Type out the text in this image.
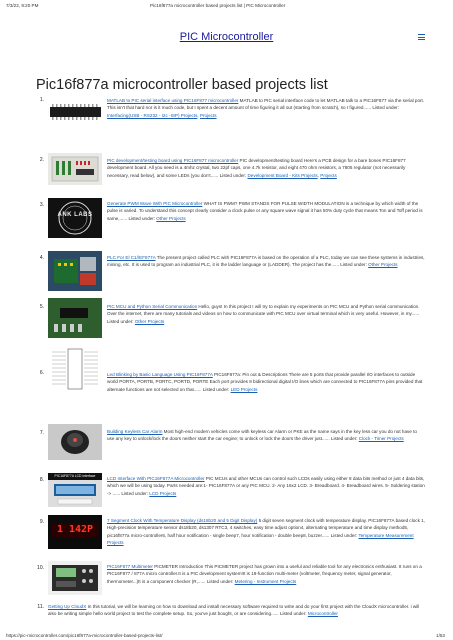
7/3/22, 9:20 PM	Pic16f877a microcontroller based projects list | PIC Microcontroller
PIC Microcontroller
Pic16f877a microcontroller based projects list
1.	MATLAB to PIC serial interface using PIC16F877 microcontroller MATLAB to PIC serial interface code to let MATLAB talk to a PIC16F877 via the serial port. This isn't that hard nor is it much code, but I spent a decent amount of time figuring it all out (starting from scratch), so I figured...... Listed under: Interfacing(USB - RS232 - I2c -ISP) Projects, Projects
2.	PIC development/testing board using PIC16F877 microcontroller PIC development/testing board Here's a PCB design for a bare bones PIC16F877 development board. All you need is a 4mhz crystal, two 22pf caps, one 4.7k resistor, and eight 470 ohm resistors, a 7805 regulator (not necessarily necessary, read below), and some LEDs (you don't...... Listed under: Development Board - Kits Projects, Projects
3.
ANK LABS
Generate PWM Wave With PIC Microcontroller WHAT IS PWM? PWM STANDS FOR PULSE WIDTH MODULATION is a technique by which width of the pulse is varied. To understand this concept clearly consider a clock pulse or any square wave signal it has 50% duty cycle that means Ton and Toff period is same,...... Listed under: Other Projects
4.	PLC For El C1//EF877A The present project called PLC with PIC16F877A is based on the operation of a PLC, today we can see these systems in industries, mining, etc. It is used to program an industrial PLC, it is the ladder language or (LADDER). The project has the...... Listed under: Other Projects
5.	PIC MCU and Python Serial Communication Hello, guys! In this project I will try to explain my experiments on PIC MCU and Python serial communication. Over the internet, there are many tutorials and videos on how to communicate with PIC MCU over virtual terminal which is very useful. However, in my...... Listed under: Other Projects
6.	Led Blinking by Basic Language Using PIC16F877A PIC16F877a: Pin out & Descriptions There are 5 ports that provide parallel I/O interfaces to outside world PORTA, PORTB, PORTC, PORTD, PORTE Each port provides 8 bidirectional digital I/O lines which are connected to PIC16F877A pins provided that alternate functions are not selected on that...... Listed under: LED Projects
7.	Building Keyless Car Alarm Most high-end modern vehicles come with keyless car Alarm or PKE as the name says in the key less car you do not have to use any key to unlock/lock the doors neither start the car engine; to unlock or lock the doors the driver just...... Listed under: Clock - Timer Projects
8.
PIC16F877A LCD interface	LCD Interface With PIC16F877A Microcontroller PIC MCUs and other MCUs can control such LCDs easily using either 8 data bits method or just 4 data bits, which we will be using today. Parts needed are:1- PIC16F877A or any PIC MCU. 2- Any 16x2 LCD. 3- Breadboard. 4- Breadboard wires. 5- Soldering station -> ...... Listed under: LCD Projects
9.
1 142P
7 Segment Clock With Temperature Display (ds18b20 and 5 Digit Display) 5 digit seven segment clock with temperature display. PIC16F877A based clock 1, High-precision temperature sensor ds18b20, ds1307 RTC3, 4 switches, easy time adjust option4, alternating temperature and time display method5, pic16f877a micro-controller6, half hour notification - single beep7, hour notification - double beep8, buzzer...... Listed under: Temperature Measurement Projects
10.	PIC16F877 Multimeter PICMETER Introduction This PICMETER project has grown into a useful and reliable tool for any electronics enthusiast. It runs on a PIC16F877 / 877A micro controller.It is a PIC development system!It is 19-function multi-meter (voltmeter, frequency meter, signal generator, thermometer...)It is a component checker (R,...... Listed under: Metering - Instrument Projects
11. Getting Up CloudX In this tutorial, we will be learning on how to download and install necessary software required to write and do your first project with the CloudX microcontroller. i will also be writing simple hello world project to test the complete setup. So, you've just bought, or are considering...... Listed under: Microcontroller
https://pic-microcontroller.com/pic16f877a-microcontroller-based-projects-list/	1/53
